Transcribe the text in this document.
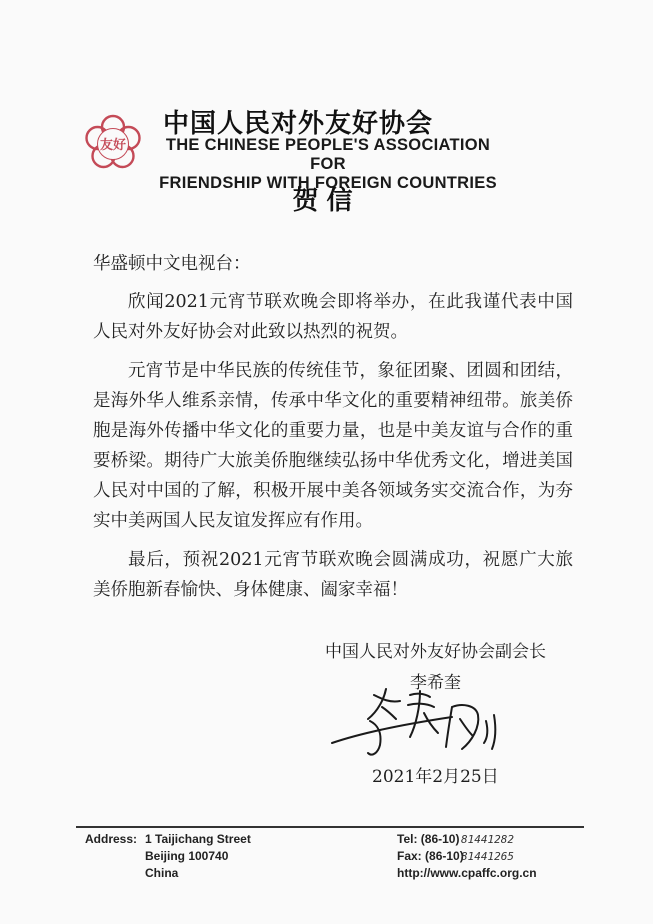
友好
中国人民对外友好协会
THE CHINESE PEOPLE'S ASSOCIATION FOR
FRIENDSHIP WITH FOREIGN COUNTRIES
贺信
华盛顿中文电视台：

欣闻2021元宵节联欢晚会即将举办，在此我谨代表中国人民对外友好协会对此致以热烈的祝贺。

元宵节是中华民族的传统佳节，象征团聚、团圆和团结，是海外华人维系亲情，传承中华文化的重要精神纽带。旅美侨胞是海外传播中华文化的重要力量，也是中美友谊与合作的重要桥梁。期待广大旅美侨胞继续弘扬中华优秀文化，增进美国人民对中国的了解，积极开展中美各领域务实交流合作，为夯实中美两国人民友谊发挥应有作用。

最后，预祝2021元宵节联欢晚会圆满成功，祝愿广大旅美侨胞新春愉快、身体健康、阖家幸福！

中国人民对外友好协会副会长
李希奎
2021年2月25日
Address: 1 Taijichang Street
Beijing 100740
China
Tel: (86-10) 81441282
Fax: (86-10)
81441265
http://www.cpaffc.org.cn
